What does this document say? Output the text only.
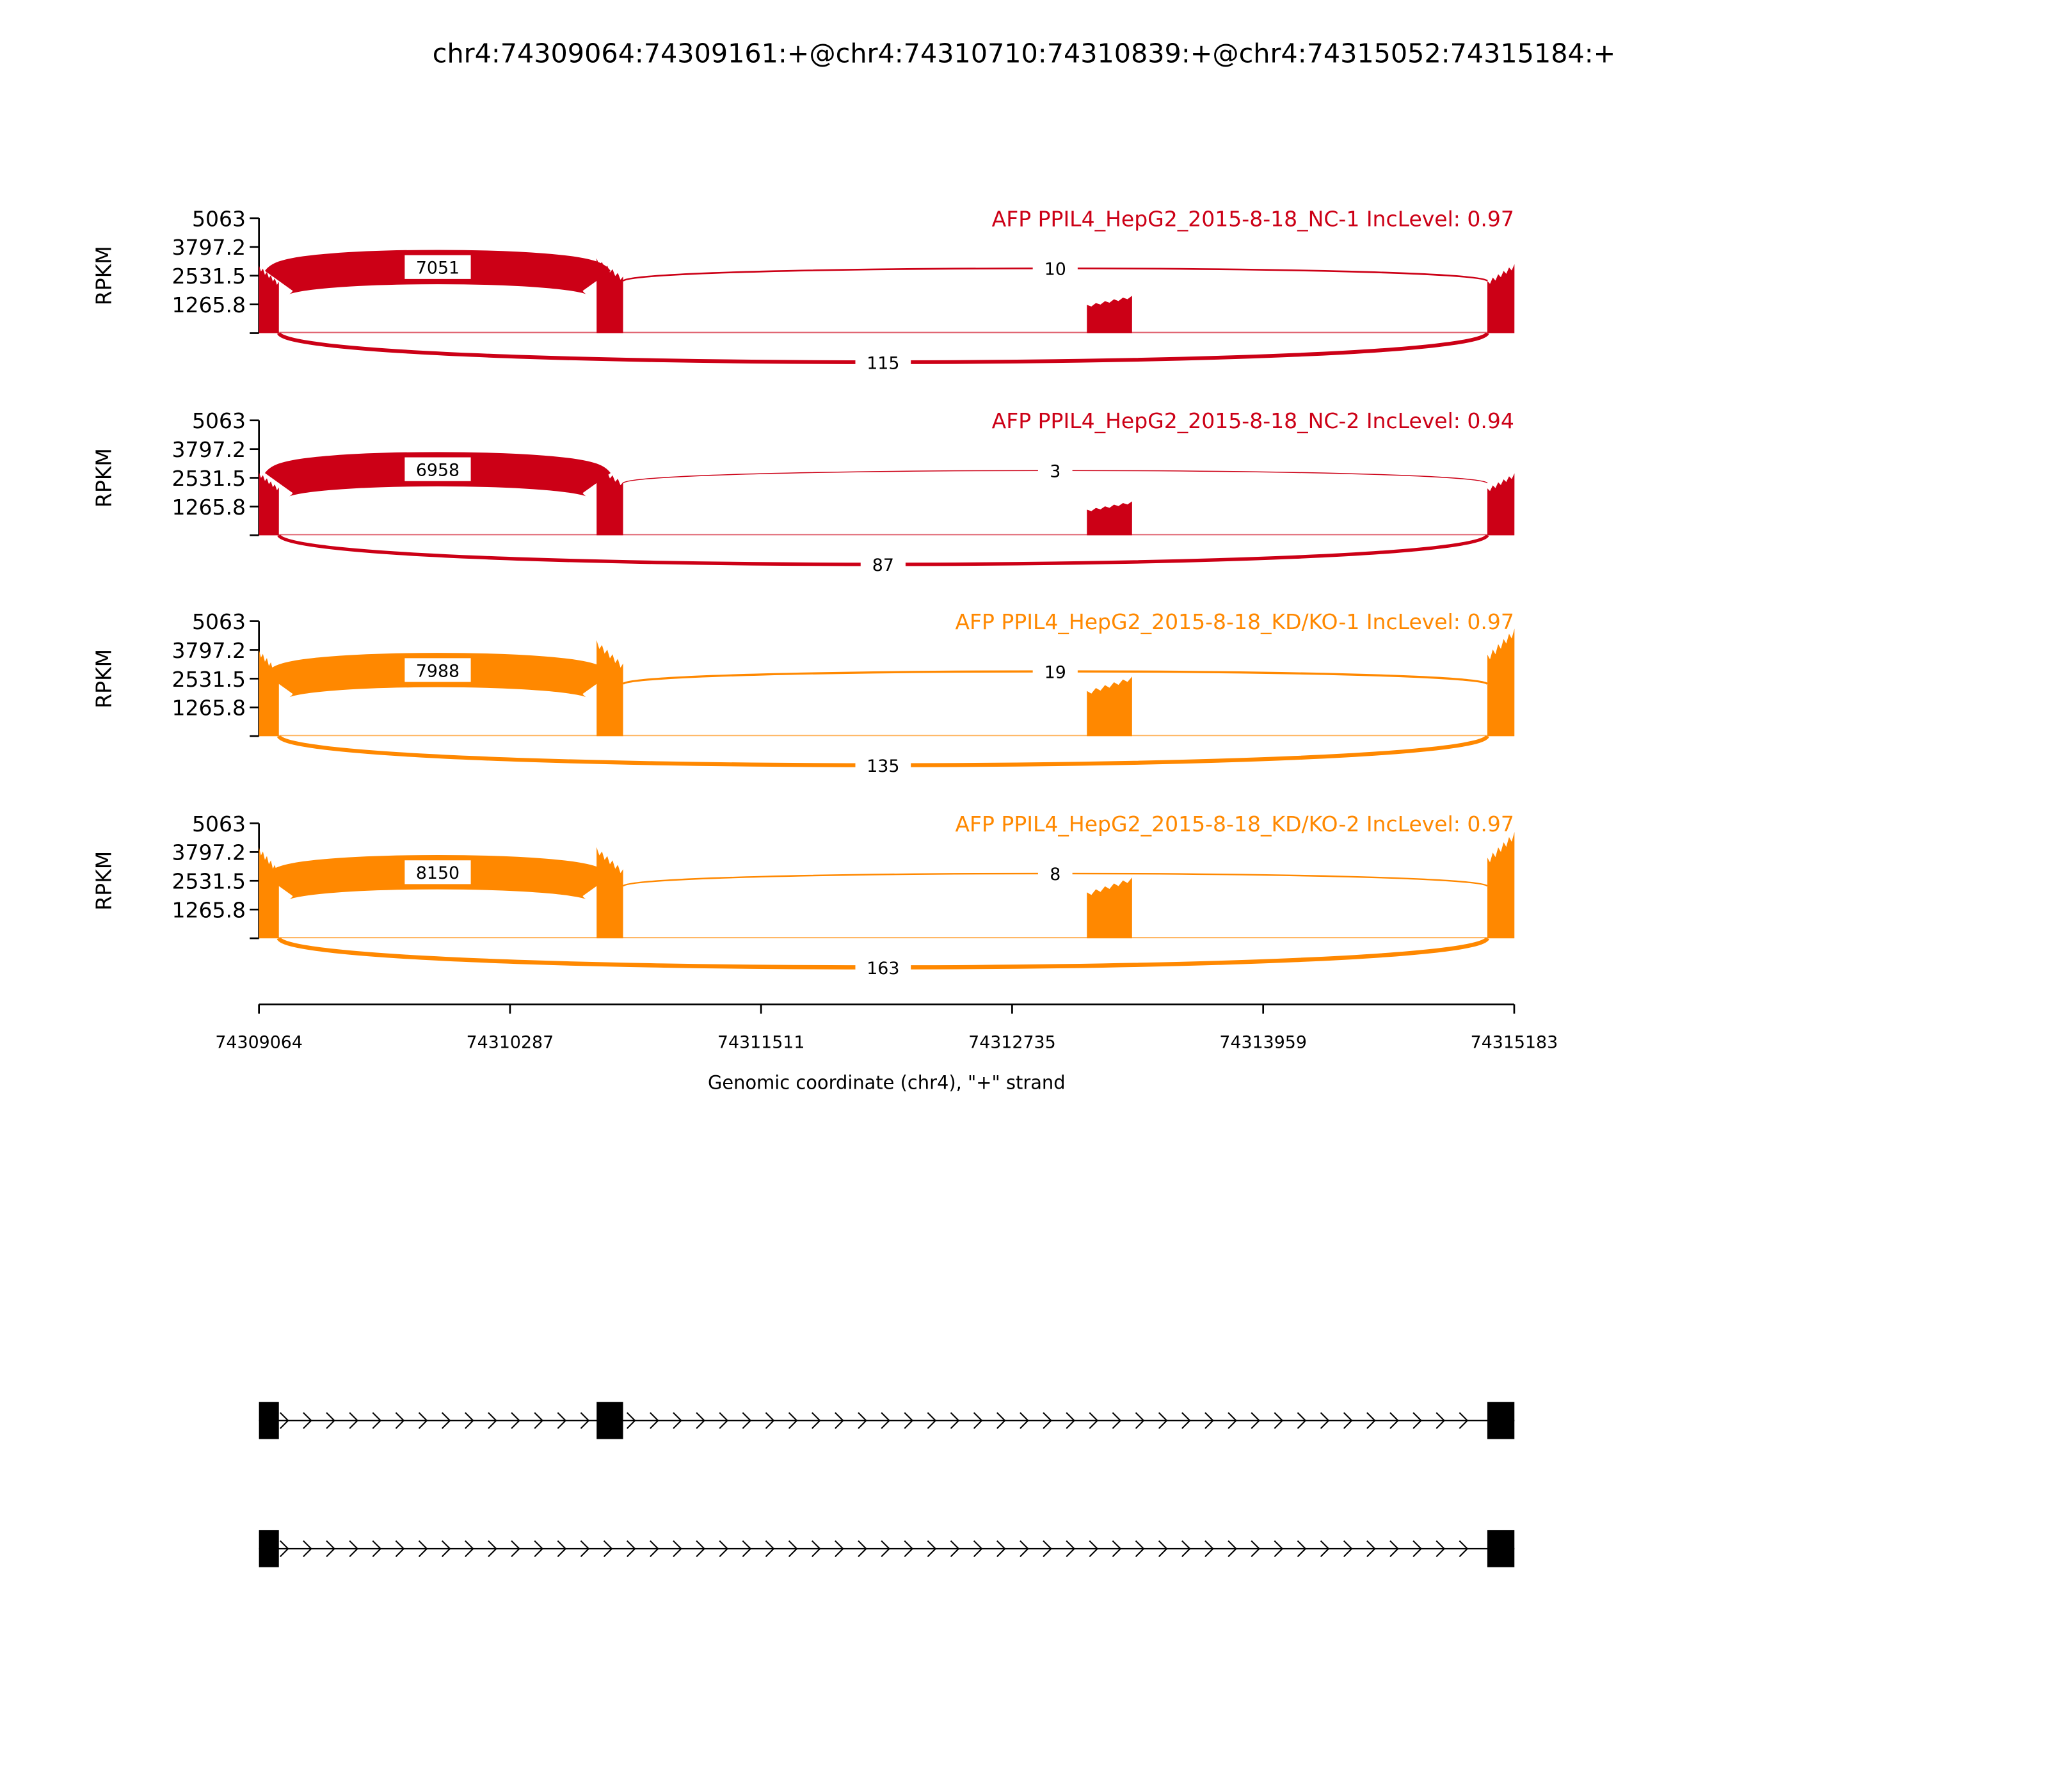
chr4:74309064:74309161:+@chr4:74310710:74310839:+@chr4:74315052:74315184:+
5063
3797.2
2531.5
1265.8
RPKM
AFP PPIL4_HepG2_2015-8-18_NC-1 IncLevel: 0.97
7051	10
115
5063
3797.2
2531.5
1265.8
RPKM
AFP PPIL4_HepG2_2015-8-18_NC-2 IncLevel: 0.94
6958	3
87
5063
3797.2
2531.5
1265.8
RPKM
AFP PPIL4_HepG2_2015-8-18_KD/KO-1 IncLevel: 0.97
7988	19
135
5063
3797.2
2531.5
1265.8
RPKM
AFP PPIL4_HepG2_2015-8-18_KD/KO-2 IncLevel: 0.97
8150	8
163
74309064	74310287	74311511	74312735	74313959	74315183
Genomic coordinate (chr4), "+" strand
